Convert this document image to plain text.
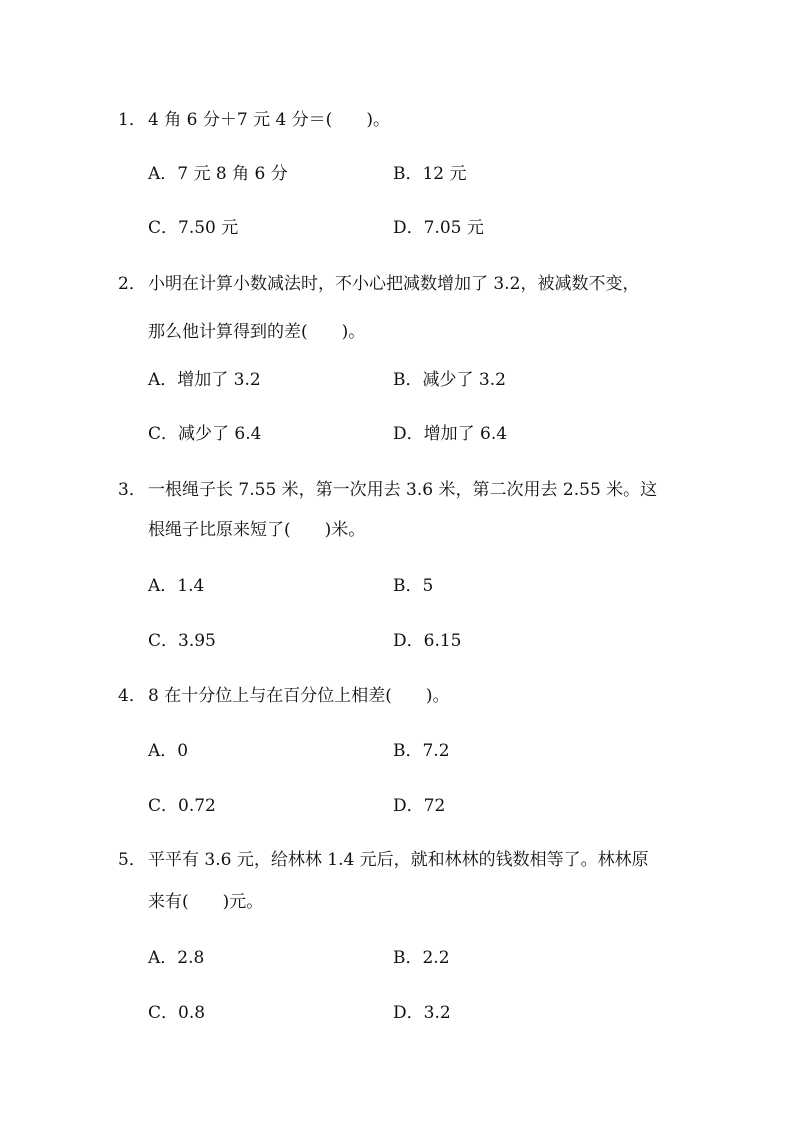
1． 4 角 6 分＋7 元 4 分＝(　　)。
A．7 元 8 角 6 分	B．12 元
C．7.50 元	D．7.05 元
2． 小明在计算小数减法时，不小心把减数增加了 3.2，被减数不变，
那么他计算得到的差(　　)。
A．增加了 3.2	B．减少了 3.2
C．减少了 6.4	D．增加了 6.4
3． 一根绳子长 7.55 米，第一次用去 3.6 米，第二次用去 2.55 米。这
根绳子比原来短了(　　)米。
A．1.4	B．5
C．3.95	D．6.15
4． 8 在十分位上与在百分位上相差(　　)。
A．0	B．7.2
C．0.72	D．72
5． 平平有 3.6 元，给林林 1.4 元后，就和林林的钱数相等了。林林原
来有(　　)元。
A．2.8	B．2.2
C．0.8	D．3.2
